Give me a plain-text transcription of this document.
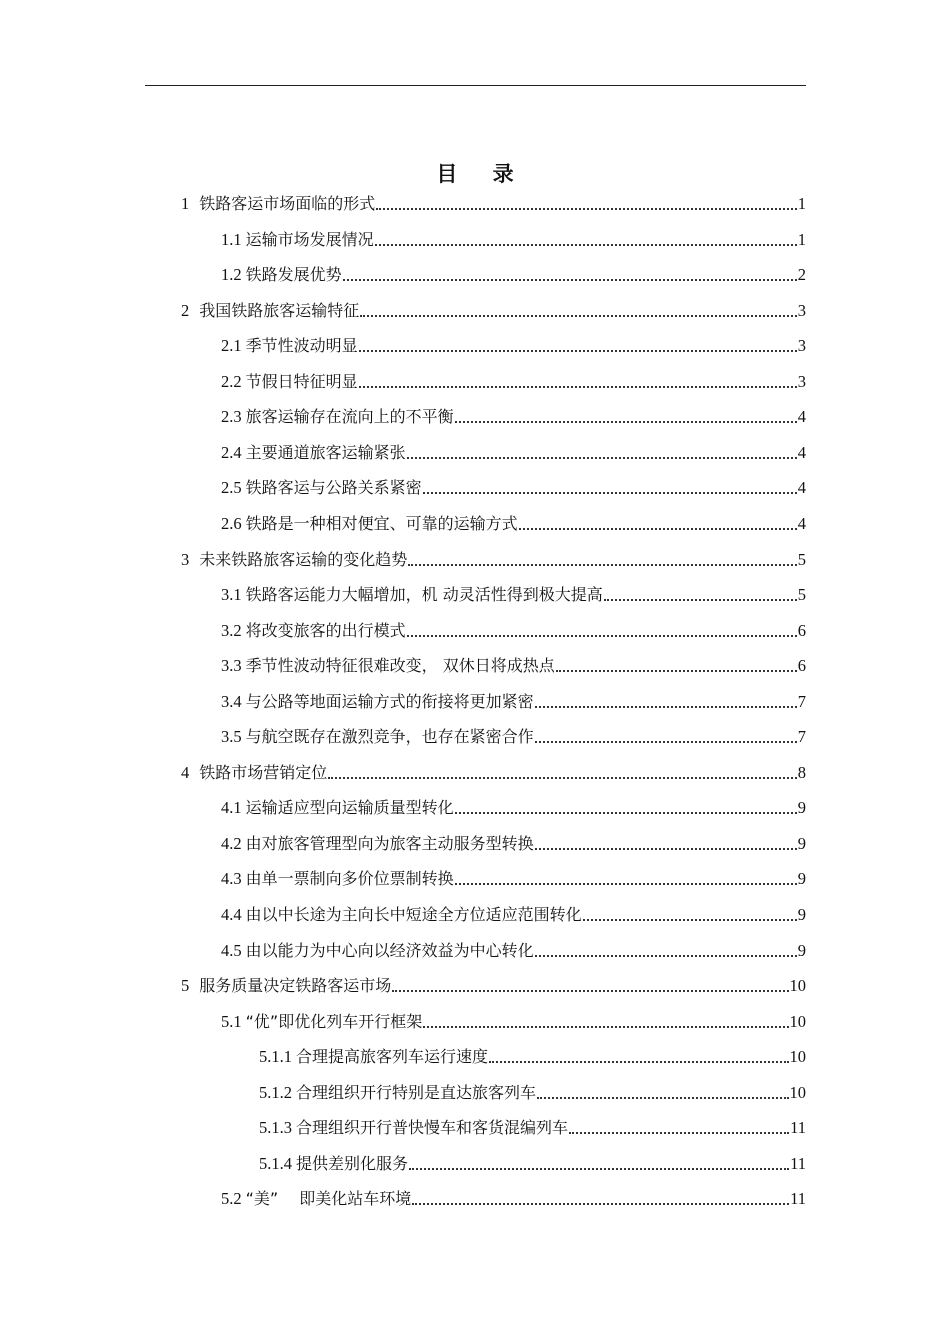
目 录
1 铁路客运市场面临的形式	1
1.1 运输市场发展情况	1
1.2 铁路发展优势	2
2 我国铁路旅客运输特征	3
2.1 季节性波动明显	3
2.2 节假日特征明显	3
2.3 旅客运输存在流向上的不平衡	4
2.4 主要通道旅客运输紧张	4
2.5 铁路客运与公路关系紧密	4
2.6 铁路是一种相对便宜、可靠的运输方式	4
3 未来铁路旅客运输的变化趋势	5
3.1 铁路客运能力大幅增加，机 动灵活性得到极大提高	5
3.2 将改变旅客的出行模式	6
3.3 季节性波动特征很难改变， 双休日将成热点	6
3.4 与公路等地面运输方式的衔接将更加紧密	7
3.5 与航空既存在激烈竞争，也存在紧密合作	7
4 铁路市场营销定位	8
4.1 运输适应型向运输质量型转化	9
4.2 由对旅客管理型向为旅客主动服务型转换	9
4.3 由单一票制向多价位票制转换	9
4.4 由以中长途为主向长中短途全方位适应范围转化	9
4.5 由以能力为中心向以经济效益为中心转化	9
5 服务质量决定铁路客运市场	10
5.1 “优”即优化列车开行框架	10
5.1.1 合理提高旅客列车运行速度	10
5.1.2 合理组织开行特别是直达旅客列车	10
5.1.3 合理组织开行普快慢车和客货混编列车	11
5.1.4 提供差别化服务	11
5.2 “美”　 即美化站车环境	11
